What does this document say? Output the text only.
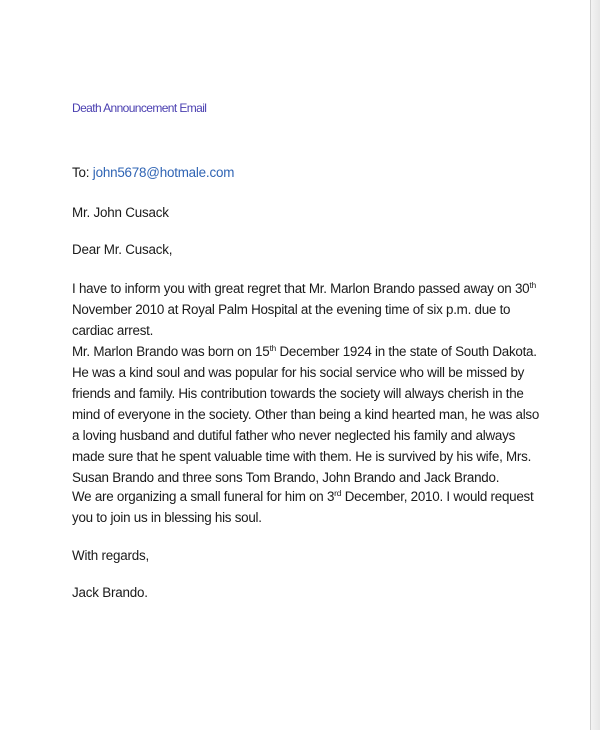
Death Announcement Email
To: john5678@hotmale.com
Mr. John Cusack
Dear Mr. Cusack,
I have to inform you with great regret that Mr. Marlon Brando passed away on 30th November 2010 at Royal Palm Hospital at the evening time of six p.m. due to cardiac arrest.
Mr. Marlon Brando was born on 15th December 1924 in the state of South Dakota. He was a kind soul and was popular for his social service who will be missed by friends and family. His contribution towards the society will always cherish in the mind of everyone in the society. Other than being a kind hearted man, he was also a loving husband and dutiful father who never neglected his family and always made sure that he spent valuable time with them. He is survived by his wife, Mrs. Susan Brando and three sons Tom Brando, John Brando and Jack Brando.
We are organizing a small funeral for him on 3rd December, 2010. I would request you to join us in blessing his soul.
With regards,
Jack Brando.
